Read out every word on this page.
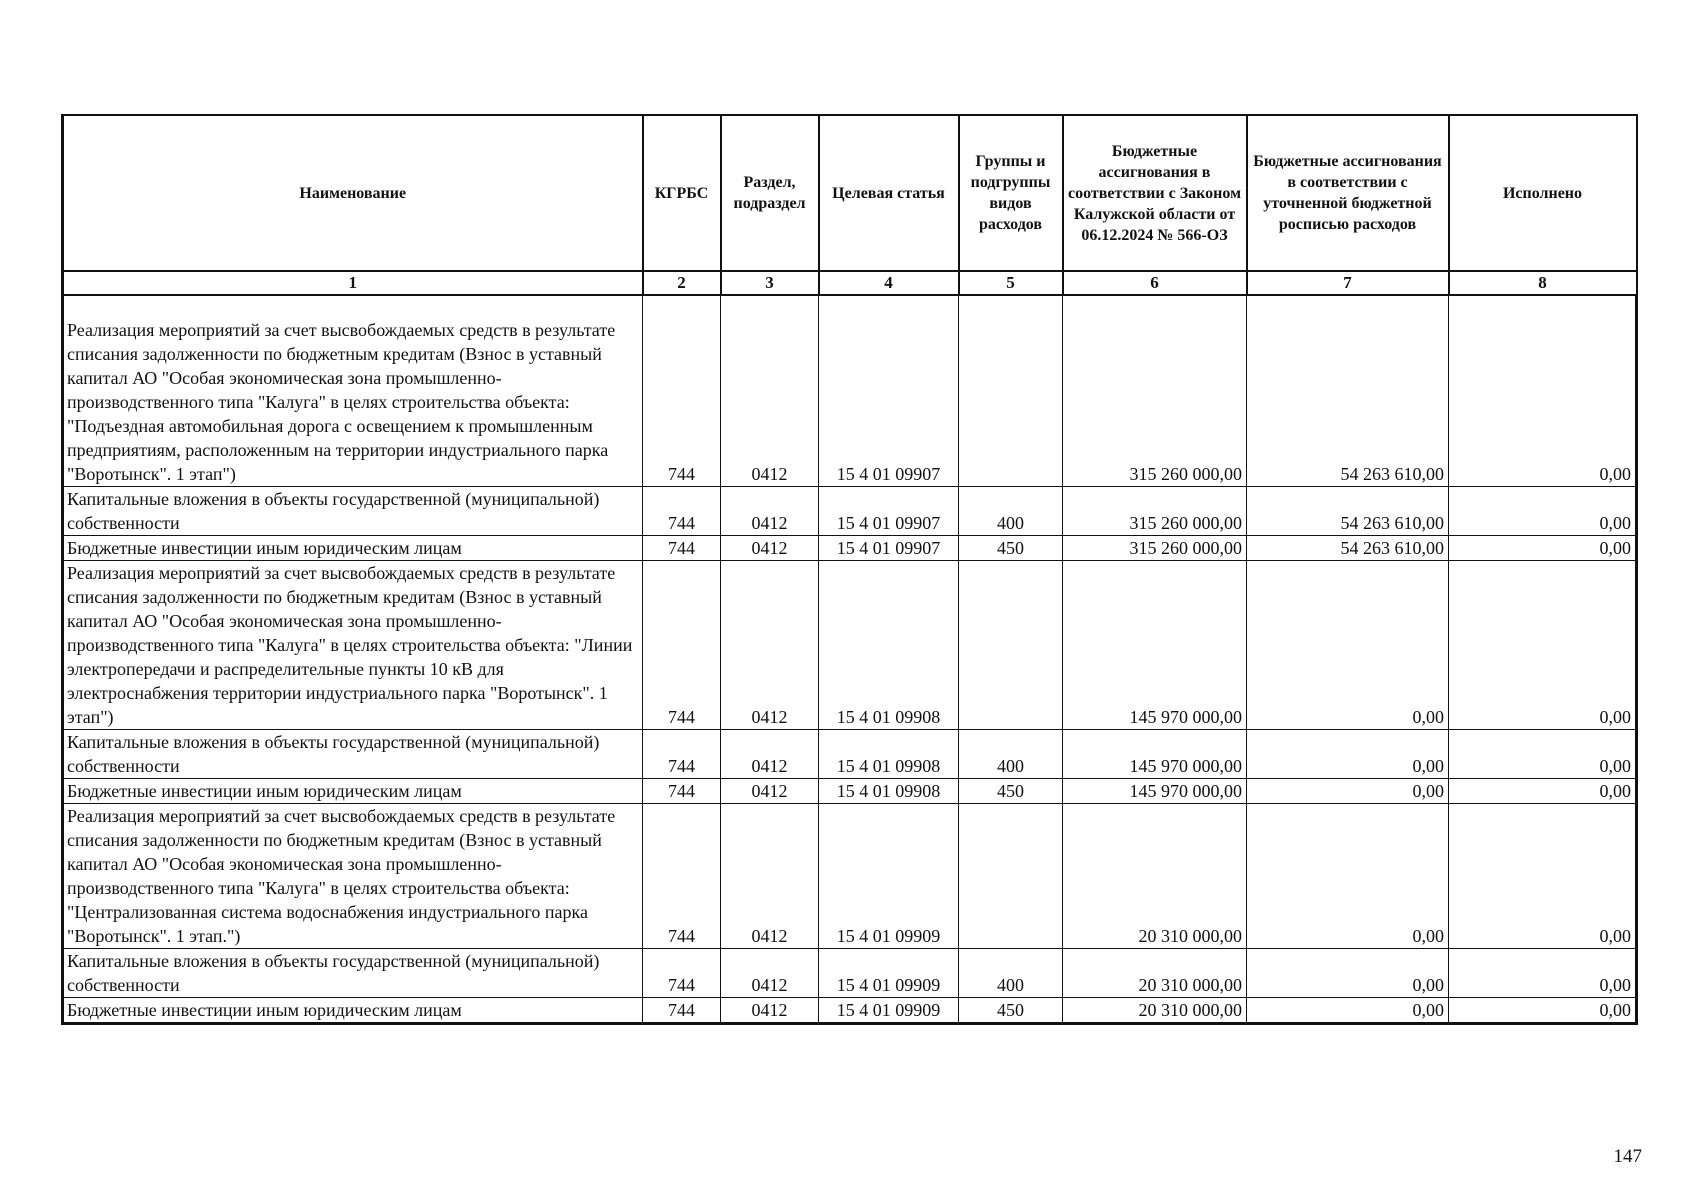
Наименование	КГРБС	Раздел, подраздел	Целевая статья	Группы и подгруппы видов расходов	Бюджетные ассигнования в соответствии с Законом Калужской области от 06.12.2024 № 566-ОЗ	Бюджетные ассигнования в соответствии с уточненной бюджетной росписью расходов	Исполнено
1	2	3	4	5	6	7	8
Реализация мероприятий за счет высвобождаемых средств в результате списания задолженности по бюджетным кредитам (Взнос в уставный капитал АО "Особая экономическая зона промышленно-производственного типа "Калуга" в целях строительства объекта: "Подъездная автомобильная дорога с освещением к промышленным предприятиям, расположенным на территории индустриального парка "Воротынск". 1 этап")	744	0412	15 4 01 09907		315 260 000,00	54 263 610,00	0,00
Капитальные вложения в объекты государственной (муниципальной) собственности	744	0412	15 4 01 09907	400	315 260 000,00	54 263 610,00	0,00
Бюджетные инвестиции иным юридическим лицам	744	0412	15 4 01 09907	450	315 260 000,00	54 263 610,00	0,00
Реализация мероприятий за счет высвобождаемых средств в результате списания задолженности по бюджетным кредитам (Взнос в уставный капитал АО "Особая экономическая зона промышленно-производственного типа "Калуга" в целях строительства объекта: "Линии электропередачи и распределительные пункты 10 кВ для электроснабжения территории индустриального парка "Воротынск". 1 этап")	744	0412	15 4 01 09908		145 970 000,00	0,00	0,00
Капитальные вложения в объекты государственной (муниципальной) собственности	744	0412	15 4 01 09908	400	145 970 000,00	0,00	0,00
Бюджетные инвестиции иным юридическим лицам	744	0412	15 4 01 09908	450	145 970 000,00	0,00	0,00
Реализация мероприятий за счет высвобождаемых средств в результате списания задолженности по бюджетным кредитам (Взнос в уставный капитал АО "Особая экономическая зона промышленно-производственного типа "Калуга" в целях строительства объекта: "Централизованная система водоснабжения индустриального парка "Воротынск". 1 этап.")	744	0412	15 4 01 09909		20 310 000,00	0,00	0,00
Капитальные вложения в объекты государственной (муниципальной) собственности	744	0412	15 4 01 09909	400	20 310 000,00	0,00	0,00
Бюджетные инвестиции иным юридическим лицам	744	0412	15 4 01 09909	450	20 310 000,00	0,00	0,00
147
